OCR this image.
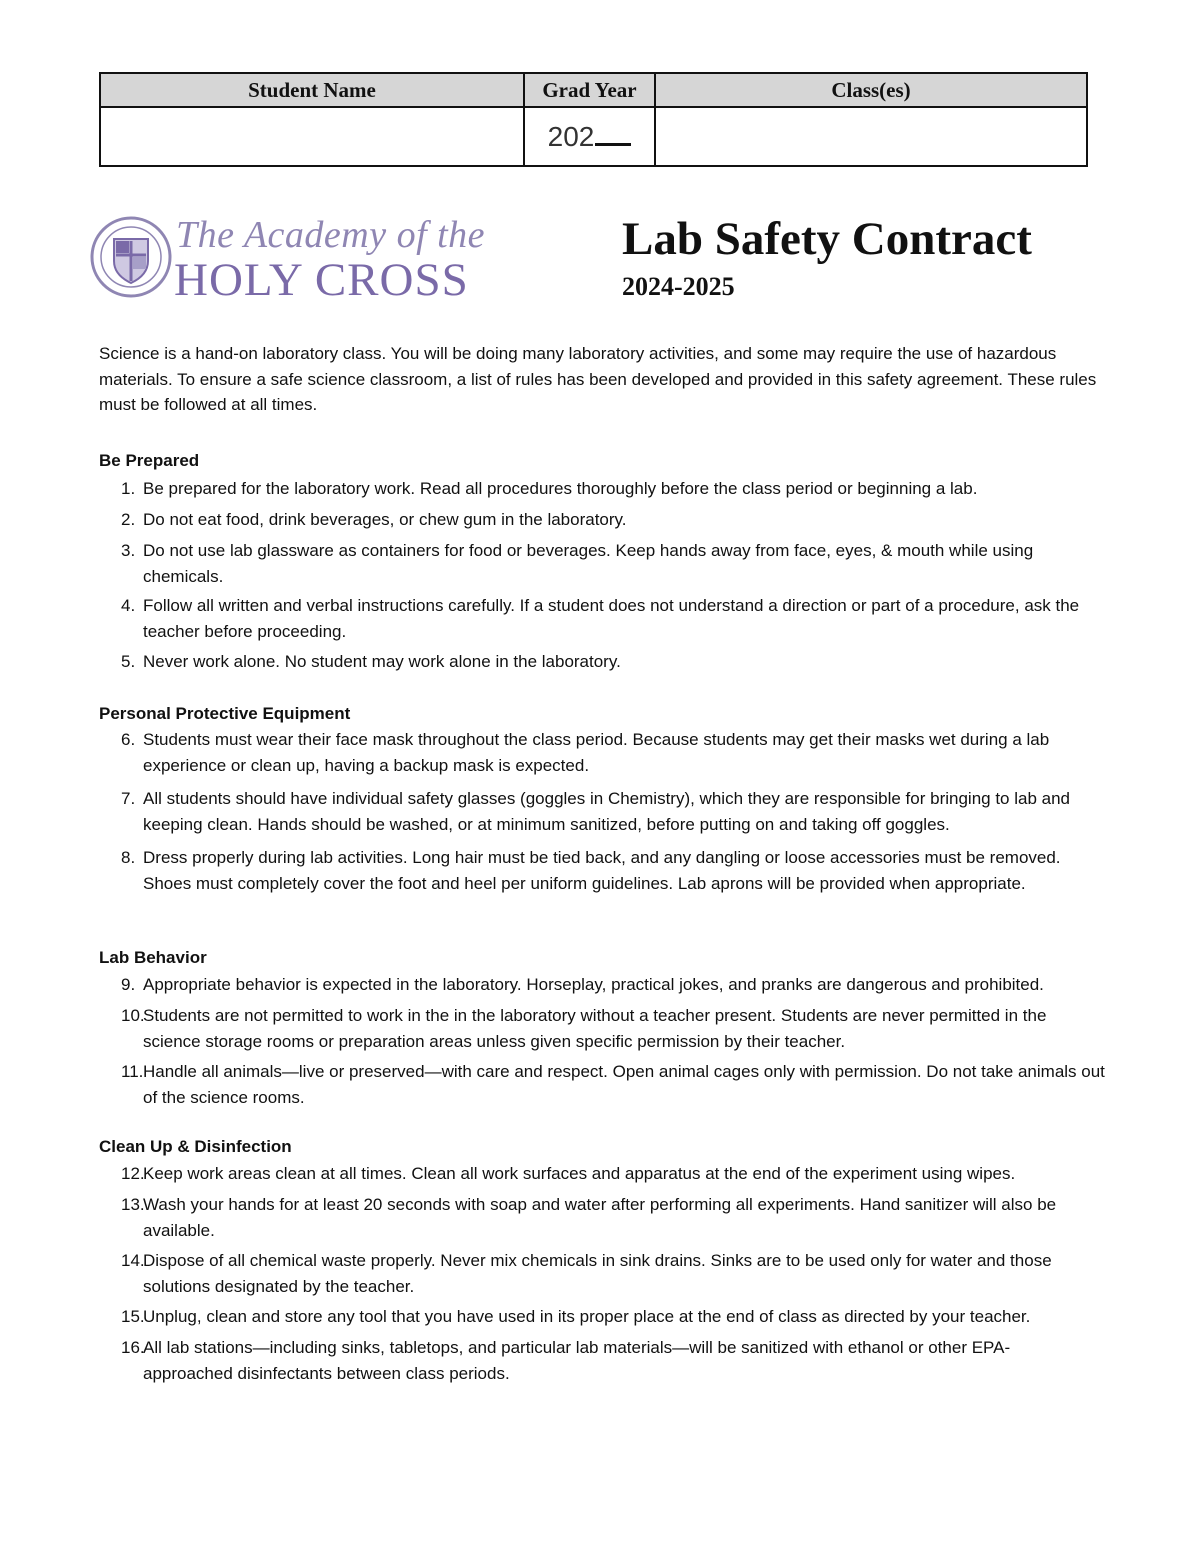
Student Name	Grad Year	Class(es)
	202	
The Academy of the
HOLY CROSS
Lab Safety Contract
2024-2025

Science is a hand-on laboratory class. You will be doing many laboratory activities, and some may require the use of hazardous materials. To ensure a safe science classroom, a list of rules has been developed and provided in this safety agreement. These rules must be followed at all times.

Be Prepared
1. Be prepared for the laboratory work. Read all procedures thoroughly before the class period or beginning a lab.
2. Do not eat food, drink beverages, or chew gum in the laboratory.
3. Do not use lab glassware as containers for food or beverages. Keep hands away from face, eyes, & mouth while using chemicals.
4. Follow all written and verbal instructions carefully. If a student does not understand a direction or part of a procedure, ask the teacher before proceeding.
5. Never work alone. No student may work alone in the laboratory.
Personal Protective Equipment
6. Students must wear their face mask throughout the class period. Because students may get their masks wet during a lab experience or clean up, having a backup mask is expected.
7. All students should have individual safety glasses (goggles in Chemistry), which they are responsible for bringing to lab and keeping clean. Hands should be washed, or at minimum sanitized, before putting on and taking off goggles.
8. Dress properly during lab activities. Long hair must be tied back, and any dangling or loose accessories must be removed. Shoes must completely cover the foot and heel per uniform guidelines. Lab aprons will be provided when appropriate.
Lab Behavior
9. Appropriate behavior is expected in the laboratory. Horseplay, practical jokes, and pranks are dangerous and prohibited.
10.
Students are not permitted to work in the in the laboratory without a teacher present. Students are never permitted in the science storage rooms or preparation areas unless given specific permission by their teacher.
11. Handle all animals—live or preserved—with care and respect. Open animal cages only with permission. Do not take animals out of the science rooms.
Clean Up & Disinfection
12.
Keep work areas clean at all times. Clean all work surfaces and apparatus at the end of the experiment using wipes.
13.
Wash your hands for at least 20 seconds with soap and water after performing all experiments. Hand sanitizer will also be available.
14.
Dispose of all chemical waste properly. Never mix chemicals in sink drains. Sinks are to be used only for water and those solutions designated by the teacher.
15.
Unplug, clean and store any tool that you have used in its proper place at the end of class as directed by your teacher.
16.
All lab stations—including sinks, tabletops, and particular lab materials—will be sanitized with ethanol or other EPA-approached disinfectants between class periods.
